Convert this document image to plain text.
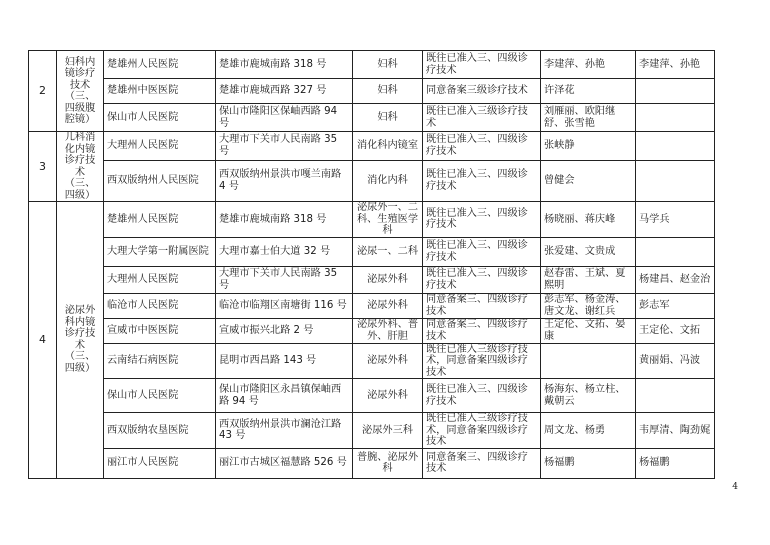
2	妇科内镜诊疗技术（三、四级腹腔镜）	楚雄州人民医院	楚雄市鹿城南路 318 号	妇科	既往已准入三、四级诊疗技术	李建萍、孙艳	李建萍、孙艳
		楚雄州中医医院	楚雄市鹿城西路 327 号	妇科	同意备案三级诊疗技术	许泽花	
		保山市人民医院	保山市隆阳区保岫西路 94 号	妇科	既往已准入三级诊疗技术	刘雁丽、欧阳继舒、张雪艳	
3	儿科消化内镜诊疗技术（三、四级）	大理州人民医院	大理市下关市人民南路 35 号	消化科内镜室	既往已准入三、四级诊疗技术	张峡静	
		西双版纳州人民医院	西双版纳州景洪市嘎兰南路 4 号	消化内科	既往已准入三、四级诊疗技术	曾健会	
4	泌尿外科内镜诊疗技术（三、四级）	楚雄州人民医院	楚雄市鹿城南路 318 号	泌尿外一、二科、生殖医学科	既往已准入三、四级诊疗技术	杨晓丽、蒋庆峰	马学兵
		大理大学第一附属医院	大理市嘉士伯大道 32 号	泌尿一、二科	既往已准入三、四级诊疗技术	张爱建、文贵成	
		大理州人民医院	大理市下关市人民南路 35 号	泌尿外科	既往已准入三、四级诊疗技术	赵春雷、王斌、夏熙明	杨建昌、赵金治
		临沧市人民医院	临沧市临翔区南塘街 116 号	泌尿外科	同意备案三、四级诊疗技术	彭志军、杨金涛、唐文龙、谢红兵	彭志军
		宣威市中医医院	宣威市振兴北路 2 号	泌尿外科、普外、肝胆	同意备案三、四级诊疗技术	王定伦、文拓、晏康	王定伦、文拓
		云南结石病医院	昆明市西昌路 143 号	泌尿外科	既往已准入三级诊疗技术，同意备案四级诊疗技术		黄丽娟、冯波
		保山市人民医院	保山市隆阳区永昌镇保岫西路 94 号	泌尿外科	既往已准入三、四级诊疗技术	杨海东、杨立柱、戴朝云	
		西双版纳农垦医院	西双版纳州景洪市澜沧江路 43 号	泌尿外三科	既往已准入三级诊疗技术，同意备案四级诊疗技术	周文龙、杨勇	韦厚清、陶劲娓
		丽江市人民医院	丽江市古城区福慧路 526 号	普腕、泌尿外科	同意备案三、四级诊疗技术	杨福鹏	杨福鹏
4
